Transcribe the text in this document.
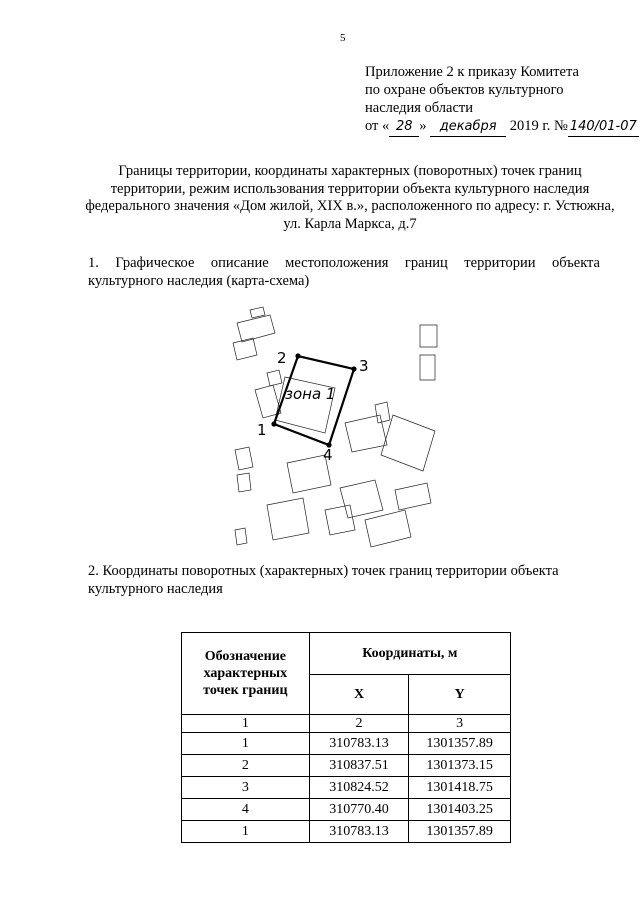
5
Приложение 2 к приказу Комитета
по охране объектов культурного
наследия области
от « 28 » декабря 2019 г. № 140/01-07
Границы территории, координаты характерных (поворотных) точек границ территории, режим использования территории объекта культурного наследия федерального значения «Дом жилой, XIX в.», расположенного по адресу: г. Устюжна, ул. Карла Маркса, д.7
1. Графическое описание местоположения границ территории объекта культурного наследия (карта-схема)
зона 1
1
2	3
4
2. Координаты поворотных (характерных) точек границ территории объекта культурного наследия
Обозначение характерных точек границ	Координаты, м	
	X	Y
1	2	3
1	310783.13	1301357.89
2	310837.51	1301373.15
3	310824.52	1301418.75
4	310770.40	1301403.25
1	310783.13	1301357.89
